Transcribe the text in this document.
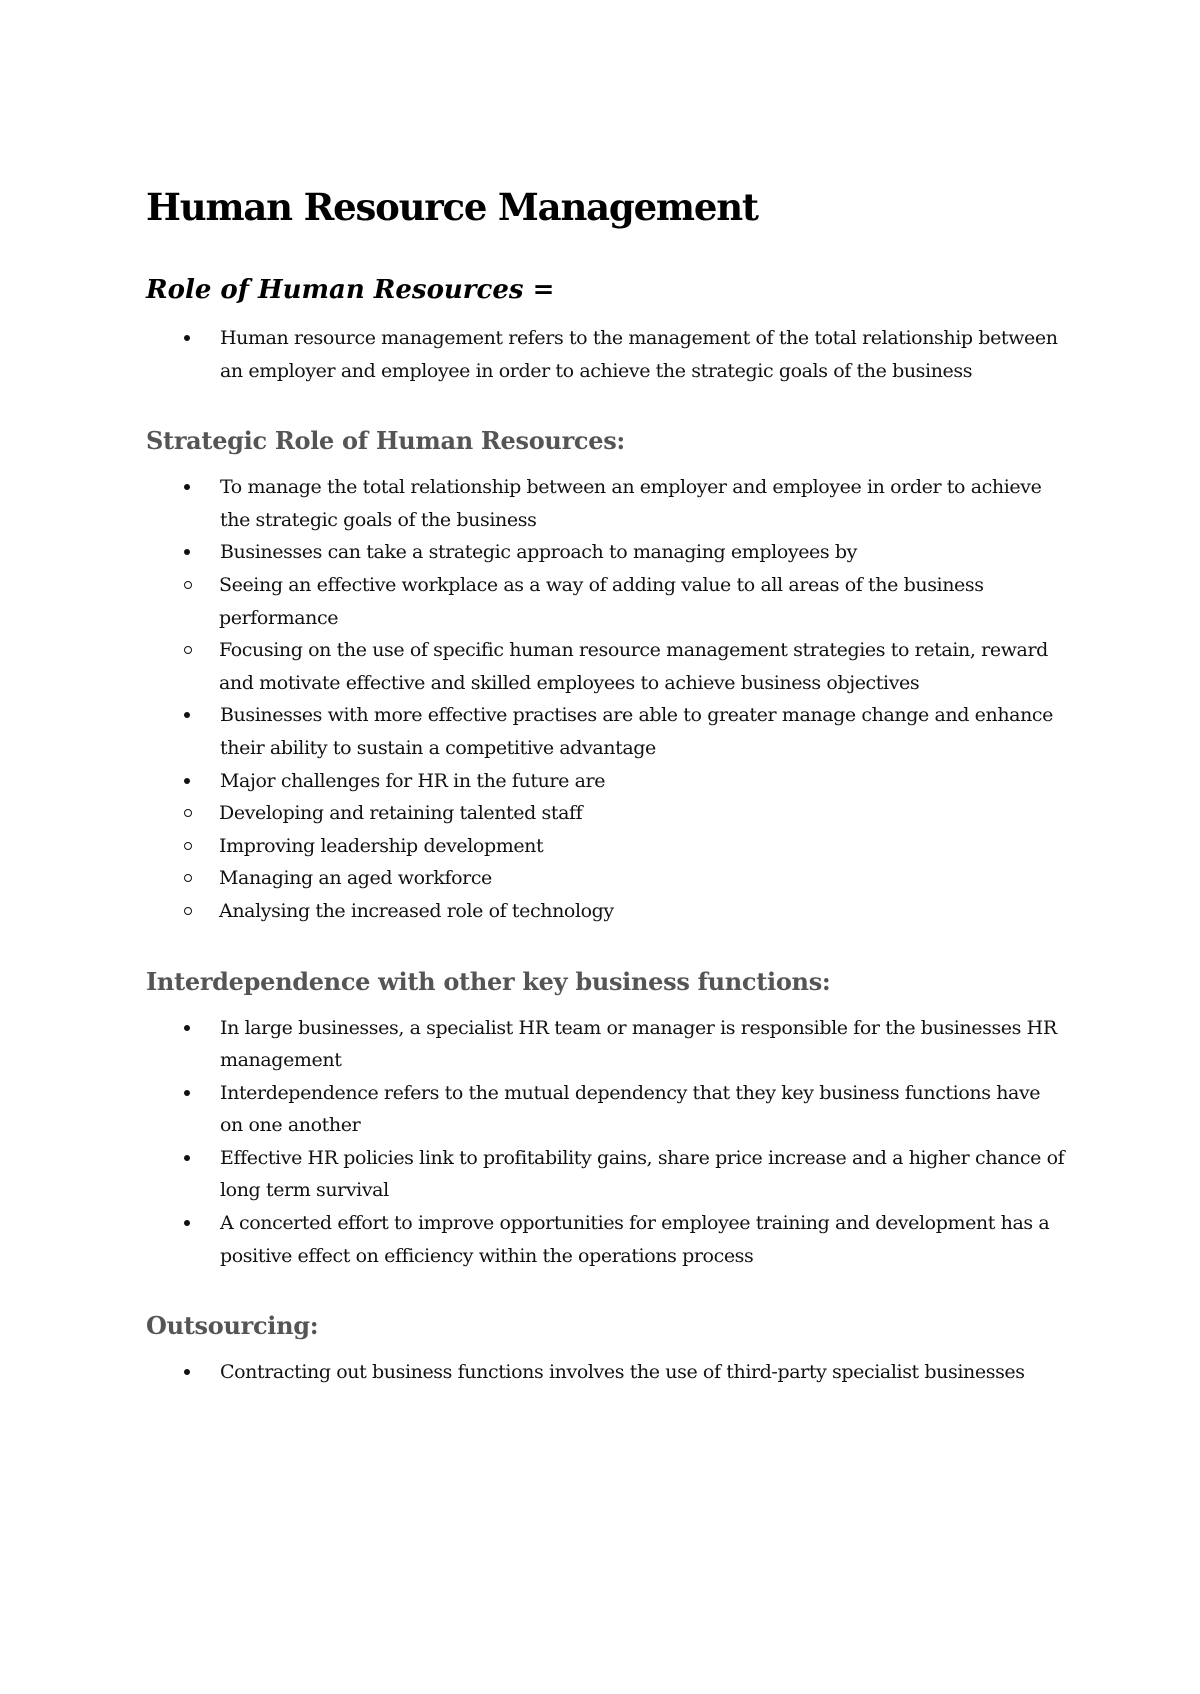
Human Resource Management
Role of Human Resources =
Human resource management refers to the management of the total relationship between an employer and employee in order to achieve the strategic goals of the business
Strategic Role of Human Resources:
To manage the total relationship between an employer and employee in order to achieve the strategic goals of the business
Businesses can take a strategic approach to managing employees by
Seeing an effective workplace as a way of adding value to all areas of the business performance
Focusing on the use of specific human resource management strategies to retain, reward and motivate effective and skilled employees to achieve business objectives
Businesses with more effective practises are able to greater manage change and enhance their ability to sustain a competitive advantage
Major challenges for HR in the future are
Developing and retaining talented staff
Improving leadership development
Managing an aged workforce
Analysing the increased role of technology
Interdependence with other key business functions:
In large businesses, a specialist HR team or manager is responsible for the businesses HR management
Interdependence refers to the mutual dependency that they key business functions have on one another
Effective HR policies link to profitability gains, share price increase and a higher chance of long term survival
A concerted effort to improve opportunities for employee training and development has a positive effect on efficiency within the operations process
Outsourcing:
Contracting out business functions involves the use of third-party specialist businesses
